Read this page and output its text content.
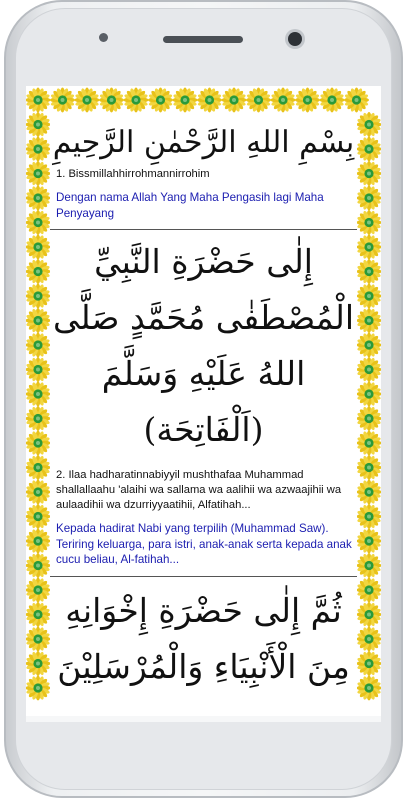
بِسْمِ اللهِ الرَّحْمٰنِ الرَّحِيمِ
1. Bissmillahhirrohmannirrohim
Dengan nama Allah Yang Maha Pengasih lagi Maha Penyayang
إِلٰى حَضْرَةِ النَّبِيِّ الْمُصْطَفٰى مُحَمَّدٍ صَلَّى اللهُ عَلَيْهِ وَسَلَّمَ (اَلْفَاتِحَة)
2. Ilaa hadharatinnabiyyil mushthafaa Muhammad shallallaahu 'alaihi wa sallama wa aalihii wa azwaajihii wa aulaadihii wa dzurriyyaatihii, Alfatihah...
Kepada hadirat Nabi yang terpilih (Muhammad Saw). Teriring keluarga, para istri, anak-anak serta kepada anak cucu beliau, Al-fatihah...
ثُمَّ إِلٰى حَضْرَةِ إِخْوَانِهِ مِنَ الْأَنْبِيَاءِ وَالْمُرْسَلِيْنَ
